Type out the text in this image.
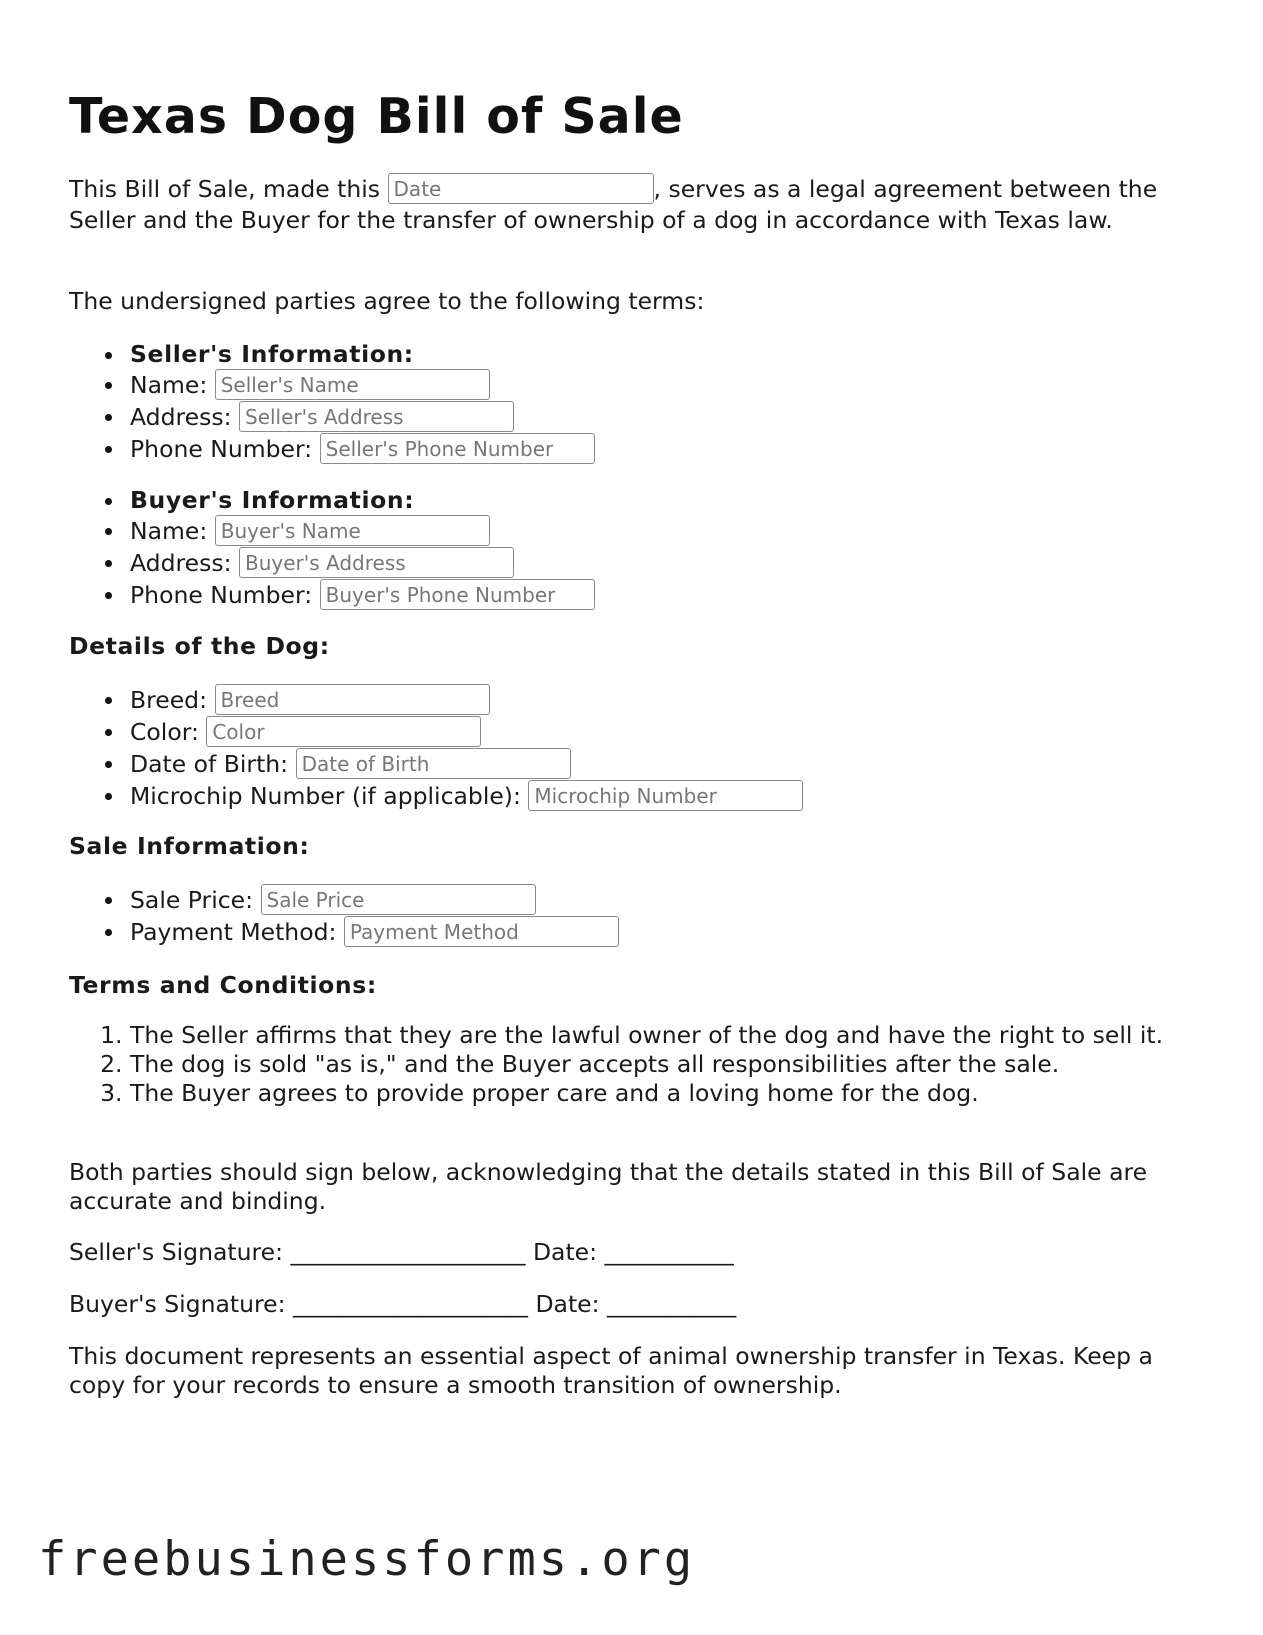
Texas Dog Bill of Sale

This Bill of Sale, made this Date	, serves as a legal agreement between the Seller and the Buyer for the transfer of ownership of a dog in accordance with Texas law.

The undersigned parties agree to the following terms:

Seller's Information:
Name: Seller's Name
Address: Seller's Address
Phone Number: Seller's Phone Number
Buyer's Information:
Name: Buyer's Name
Address: Buyer's Address
Phone Number: Buyer's Phone Number
Details of the Dog:
Breed: Breed
Color: Color
Date of Birth: Date of Birth
Microchip Number (if applicable): Microchip Number
Sale Information:
Sale Price: Sale Price
Payment Method: Payment Method
Terms and Conditions:
1. The Seller affirms that they are the lawful owner of the dog and have the right to sell it.
2. The dog is sold "as is," and the Buyer accepts all responsibilities after the sale.
3. The Buyer agrees to provide proper care and a loving home for the dog.

Both parties should sign below, acknowledging that the details stated in this Bill of Sale are accurate and binding.

Seller's Signature: ____________________ Date: ___________
Buyer's Signature: ____________________ Date: ___________

This document represents an essential aspect of animal ownership transfer in Texas. Keep a copy for your records to ensure a smooth transition of ownership.

freebusinessforms.org
